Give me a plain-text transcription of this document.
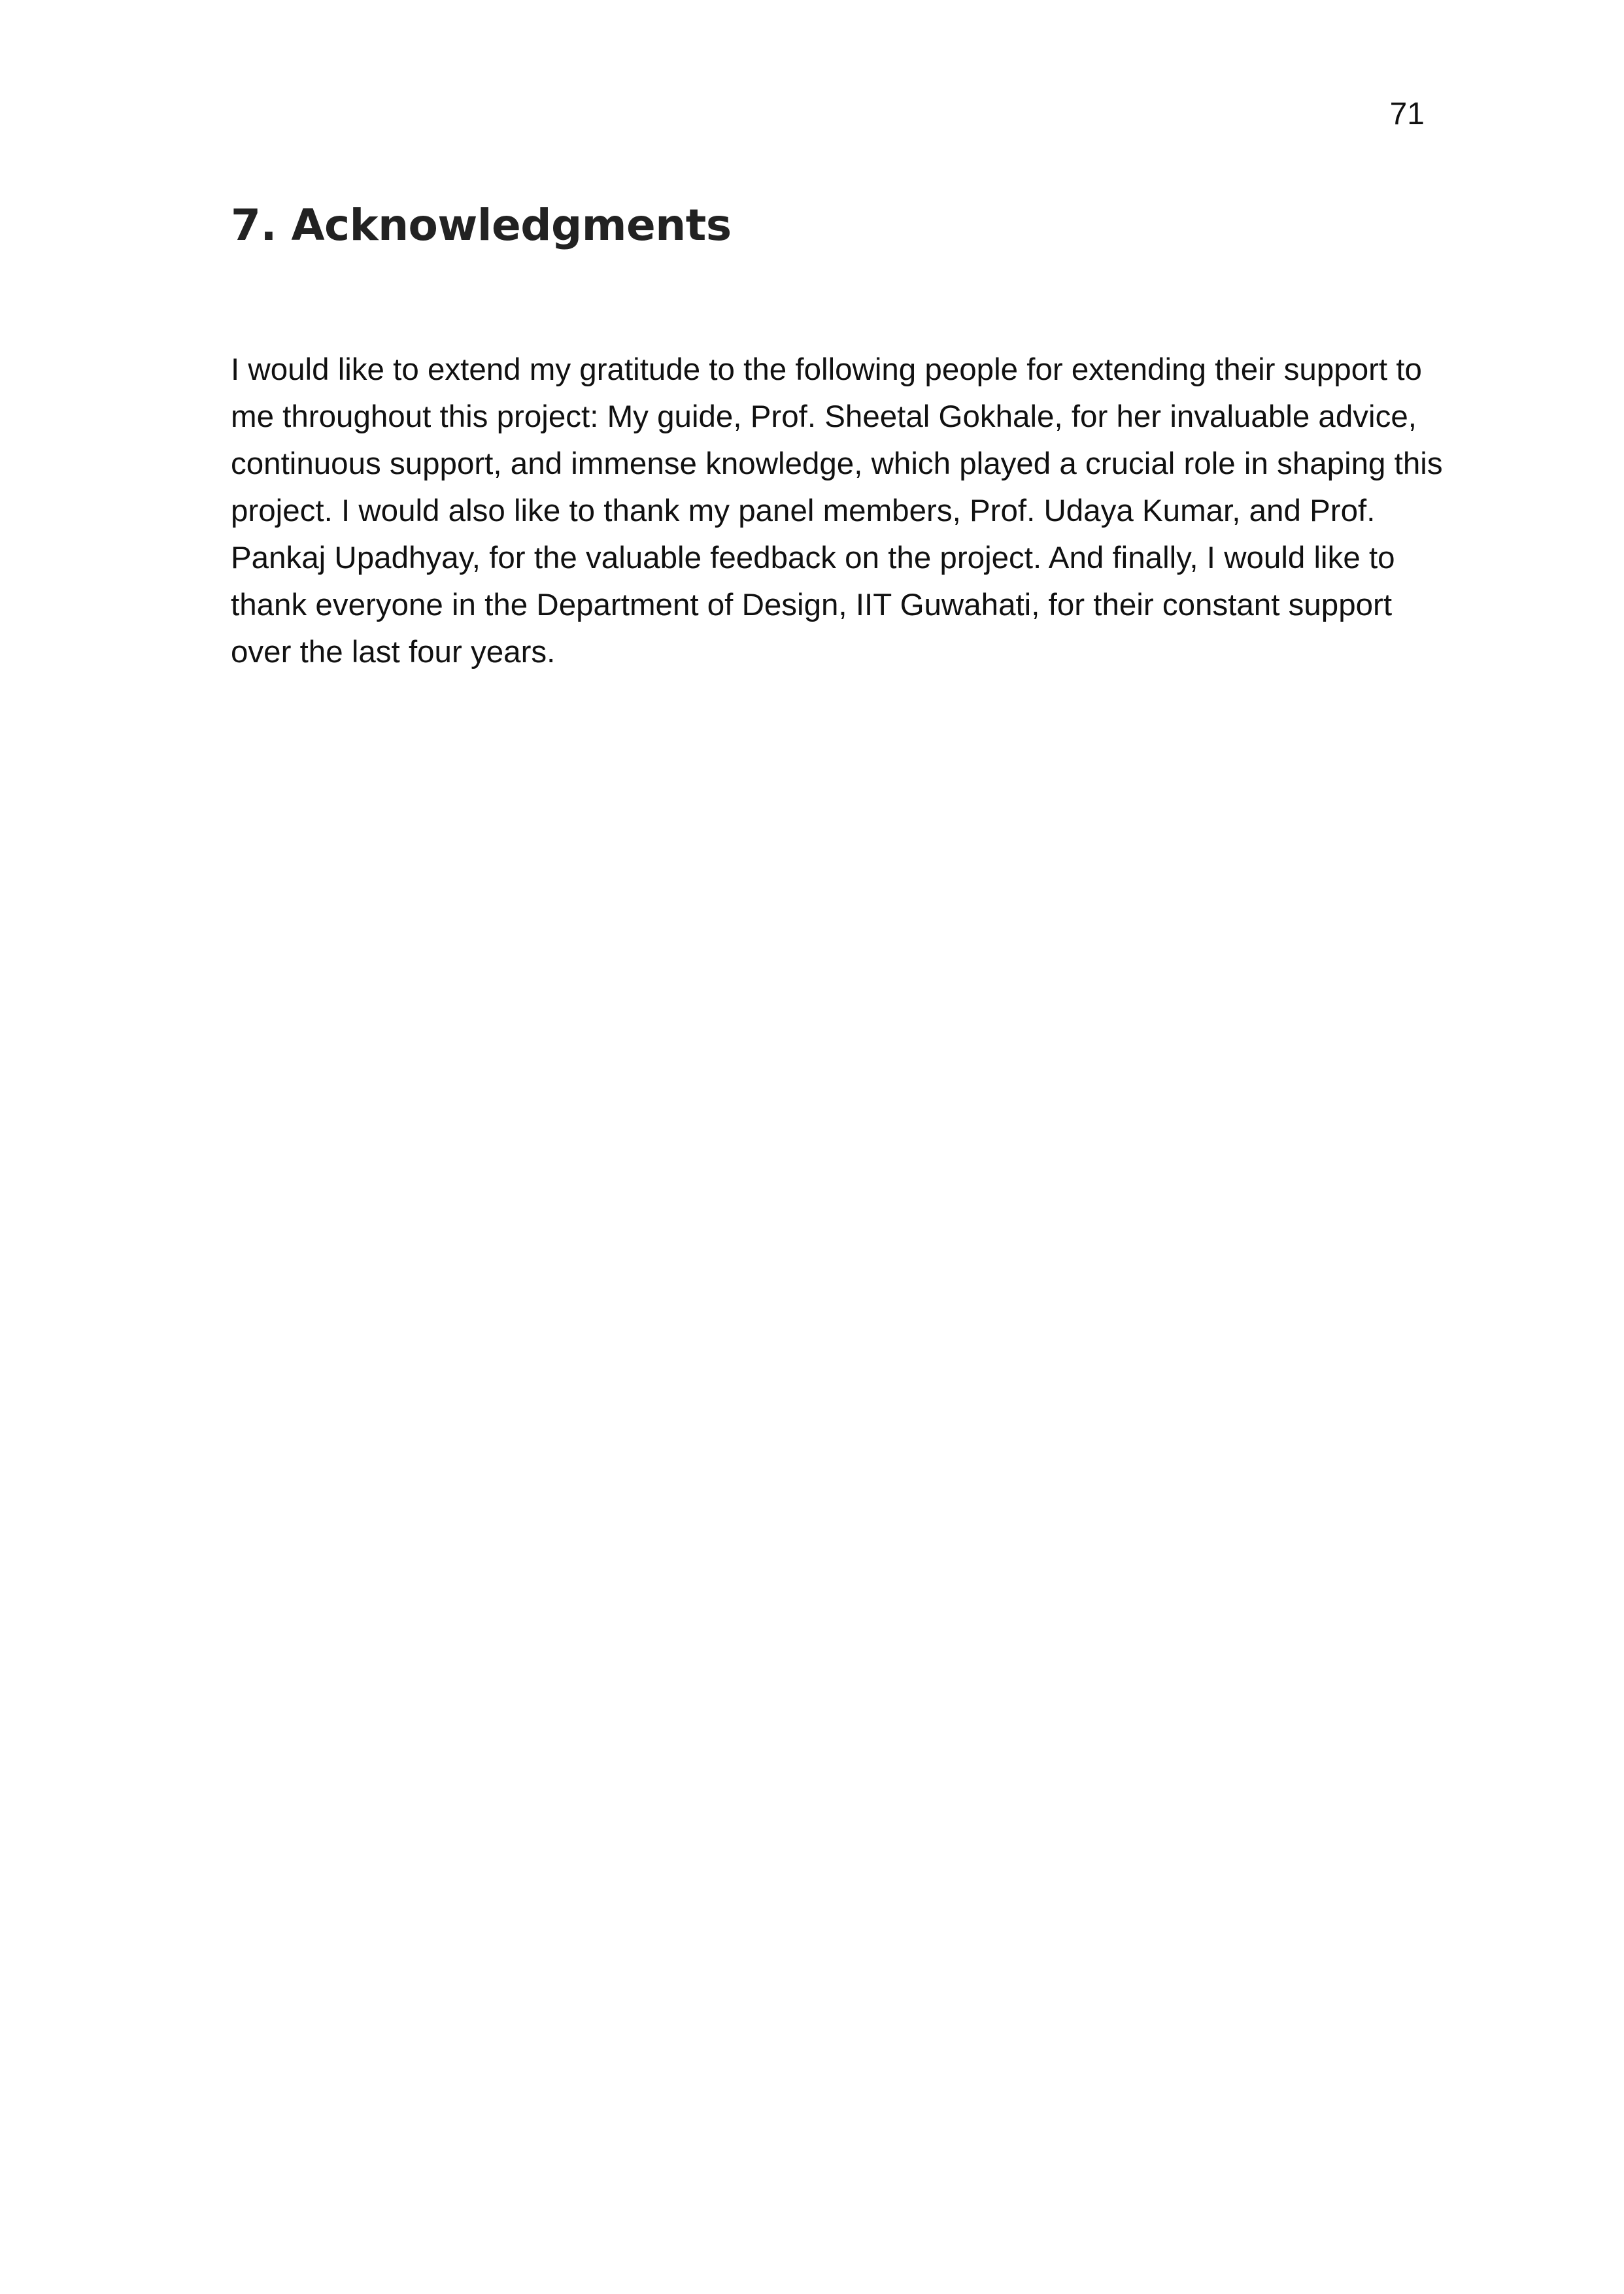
71
7. Acknowledgments

I would like to extend my gratitude to the following people for extending their support to me throughout this project: My guide, Prof. Sheetal Gokhale, for her invaluable advice, continuous support, and immense knowledge, which played a crucial role in shaping this project. I would also like to thank my panel members, Prof. Udaya Kumar, and Prof. Pankaj Upadhyay, for the valuable feedback on the project. And finally, I would like to thank everyone in the Department of Design, IIT Guwahati, for their constant support over the last four years.
